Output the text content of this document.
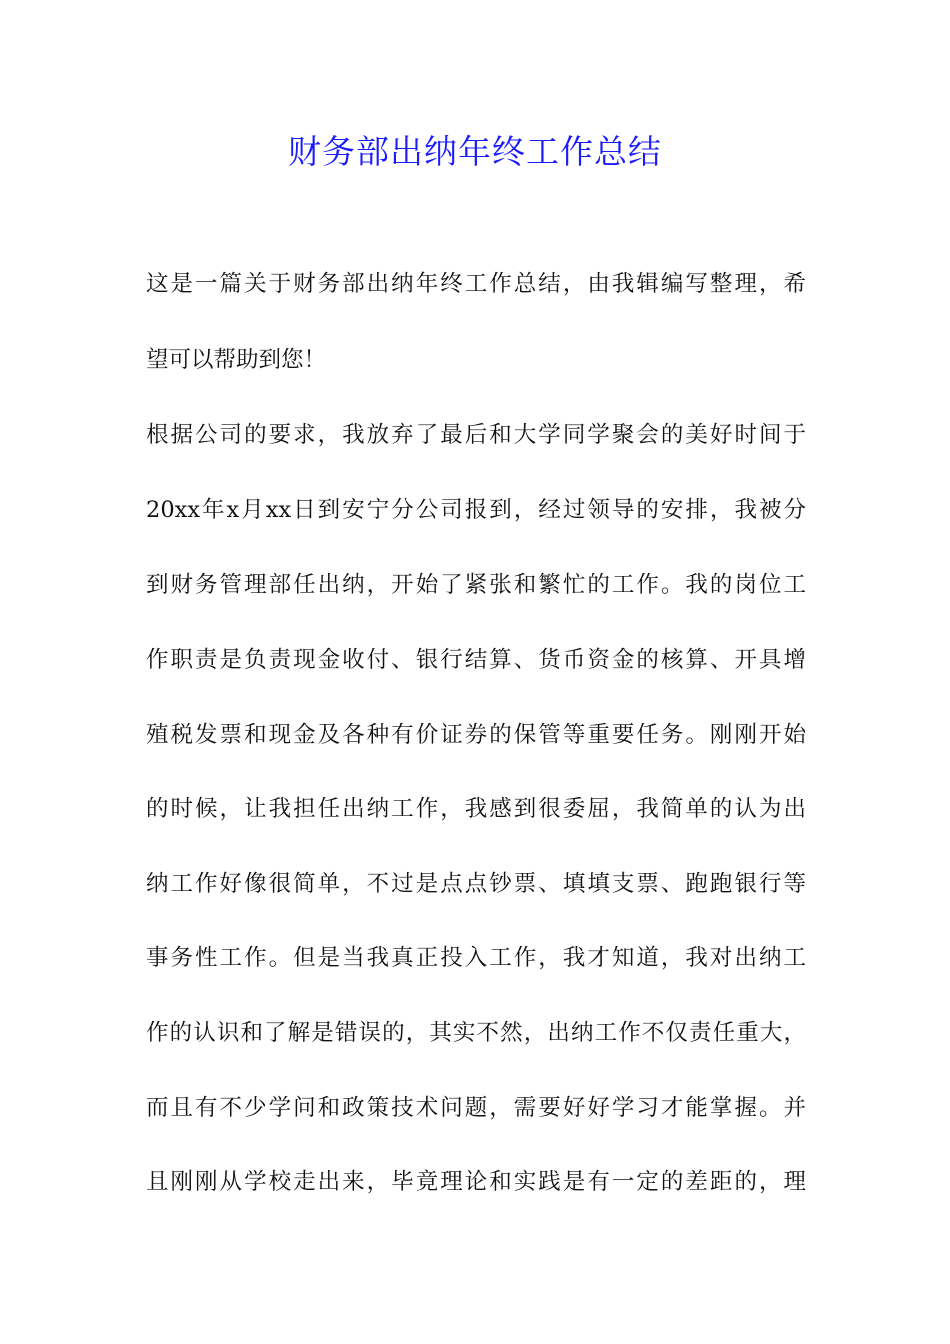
财务部出纳年终工作总结
这是一篇关于财务部出纳年终工作总结，由我辑编写整理，希
望可以帮助到您！
根据公司的要求，我放弃了最后和大学同学聚会的美好时间于
20xx年x月xx日到安宁分公司报到，经过领导的安排，我被分
到财务管理部任出纳，开始了紧张和繁忙的工作。我的岗位工
作职责是负责现金收付、银行结算、货币资金的核算、开具增
殖税发票和现金及各种有价证券的保管等重要任务。刚刚开始
的时候，让我担任出纳工作，我感到很委屈，我简单的认为出
纳工作好像很简单，不过是点点钞票、填填支票、跑跑银行等
事务性工作。但是当我真正投入工作，我才知道，我对出纳工
作的认识和了解是错误的，其实不然，出纳工作不仅责任重大，
而且有不少学问和政策技术问题，需要好好学习才能掌握。并
且刚刚从学校走出来，毕竟理论和实践是有一定的差距的，理
